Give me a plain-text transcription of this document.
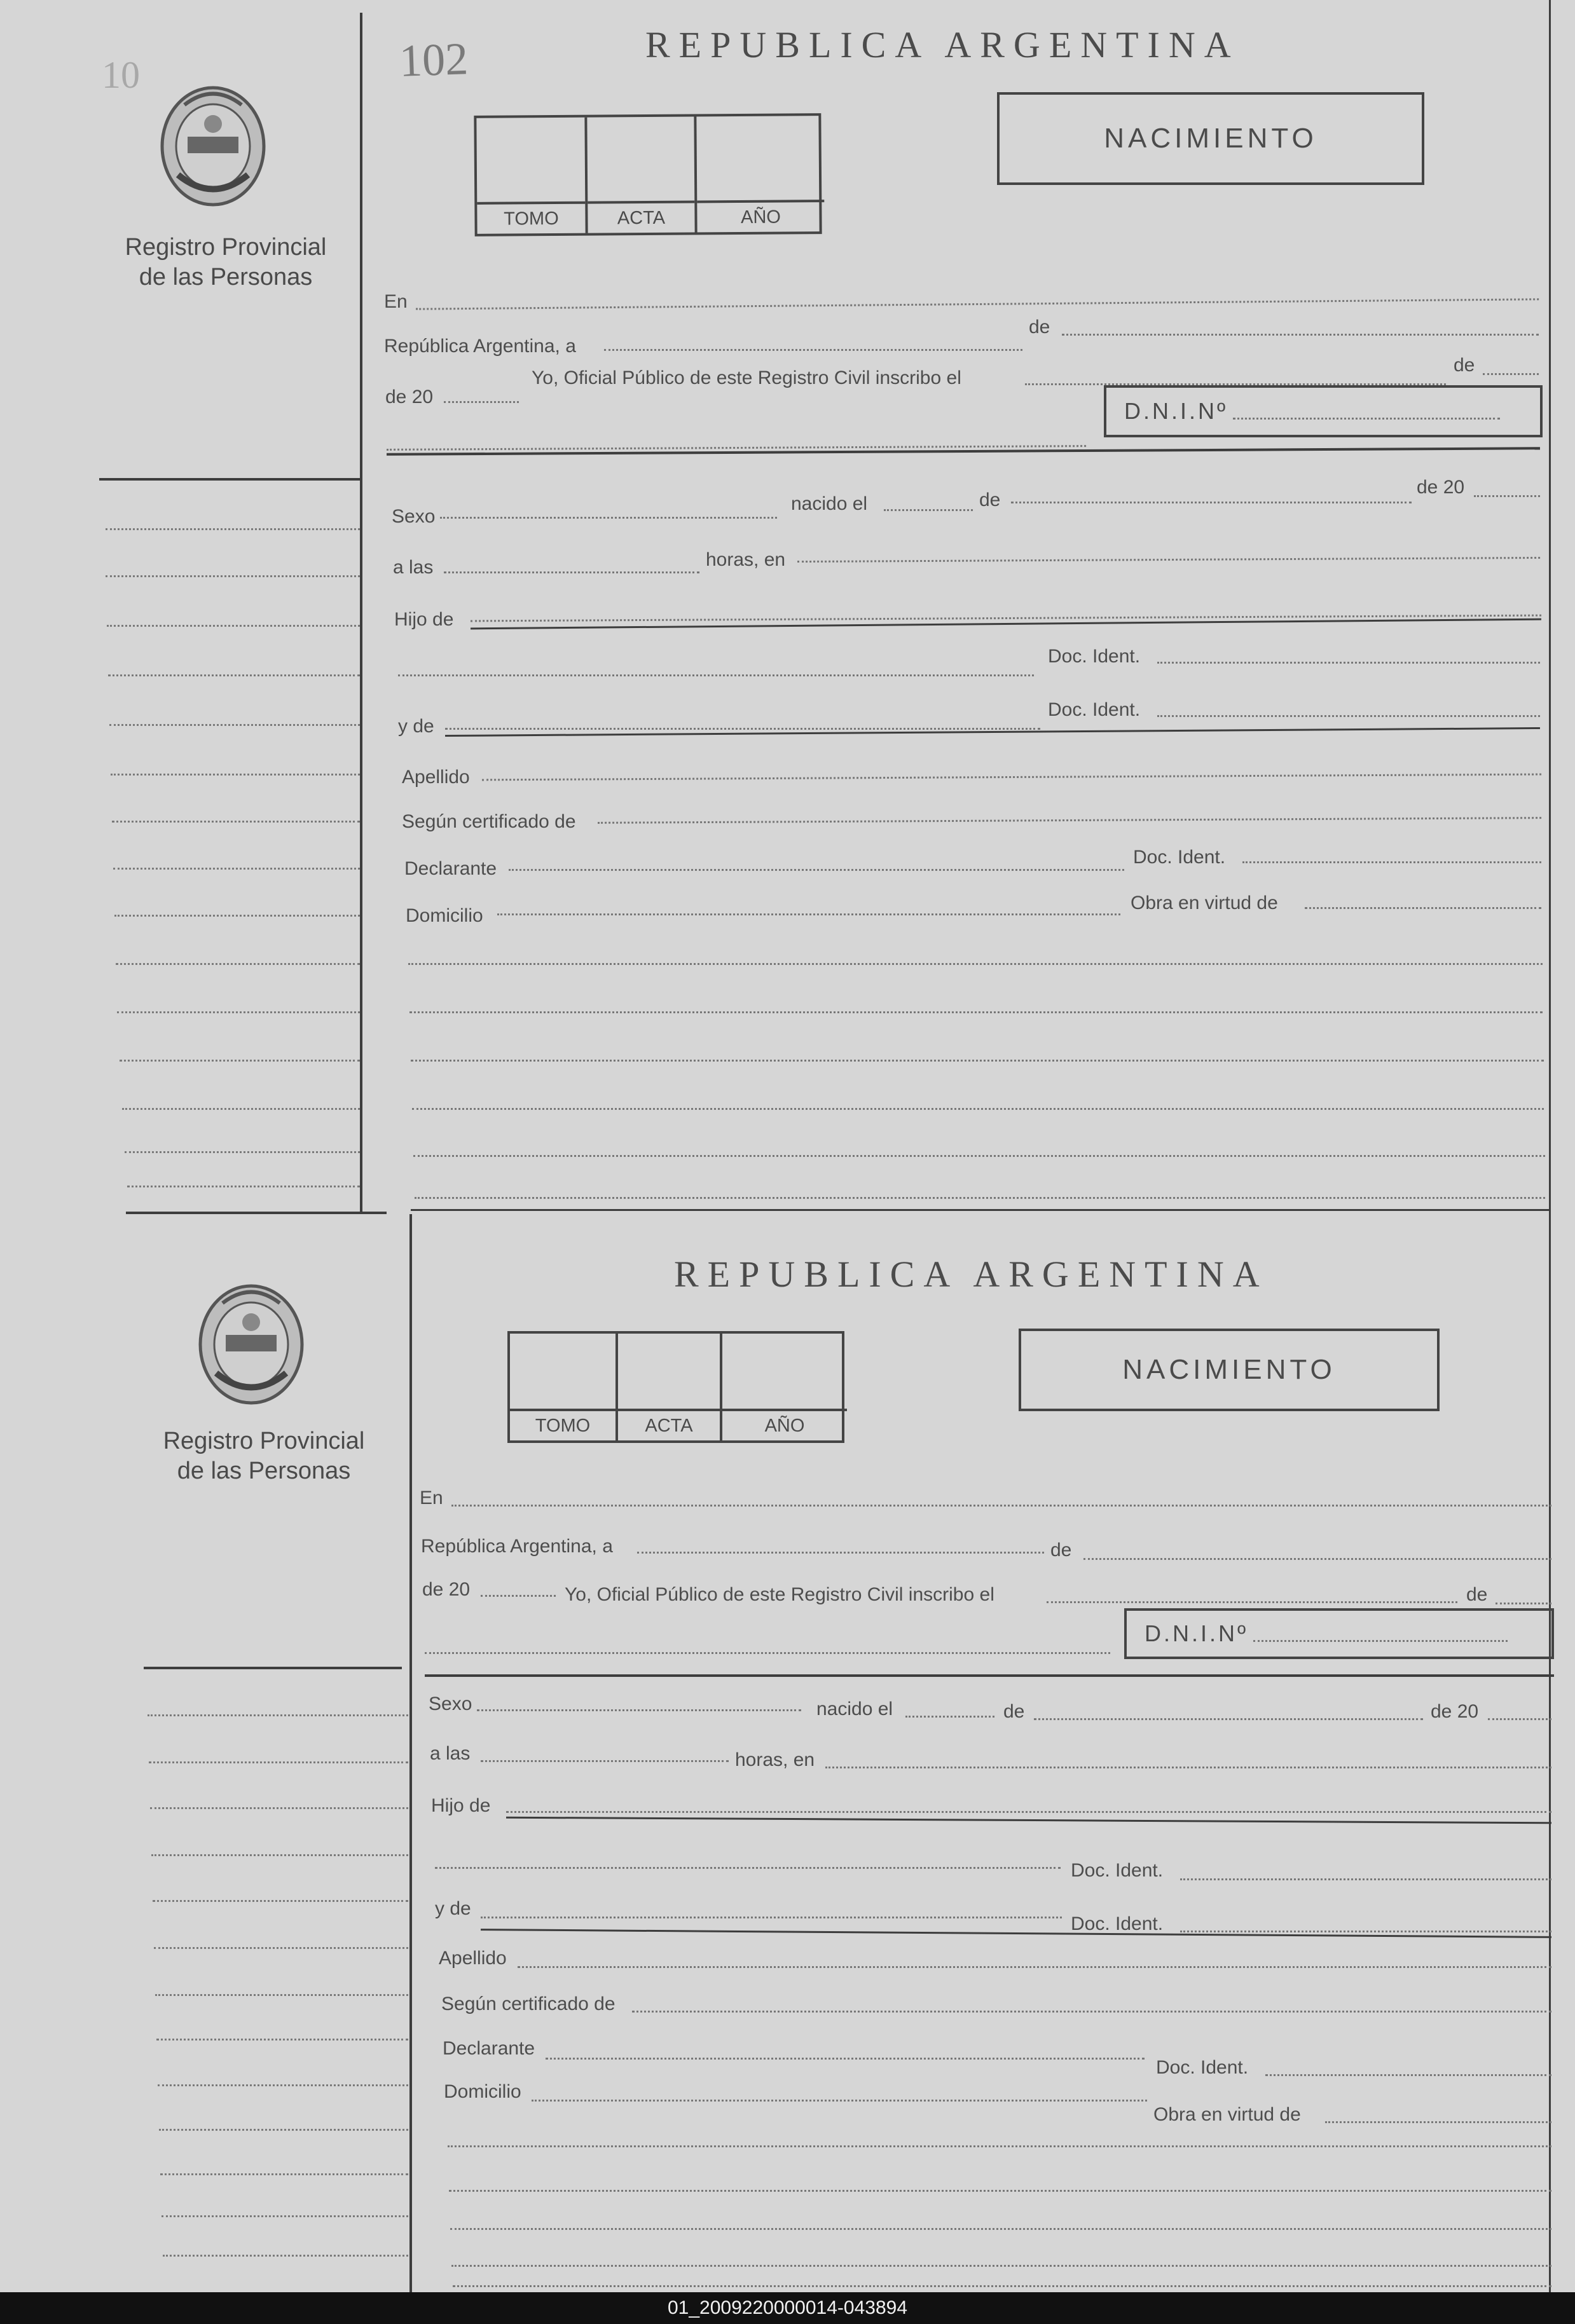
102
10
Registro Provincial
de las Personas
REPUBLICA ARGENTINA
NACIMIENTO
TOMO	ACTA	AÑO
En
República Argentina, a
de
de 20
Yo, Oficial Público de este Registro Civil inscribo el
de
D.N.I.Nº
Sexo
nacido el	de
de 20
a las	horas, en
Hijo de
Doc. Ident.
y de
Doc. Ident.
Apellido
Según certificado de
Declarante
Doc. Ident.
Domicilio
Obra en virtud de
Registro Provincial
de las Personas
REPUBLICA ARGENTINA
NACIMIENTO
TOMO	ACTA	AÑO
En
República Argentina, a	de
de 20	Yo, Oficial Público de este Registro Civil inscribo el	de
D.N.I.Nº
Sexo	nacido el	de	de 20
a las	horas, en
Hijo de
Doc. Ident.
y de
Doc. Ident.
Apellido
Según certificado de
Declarante
Doc. Ident.
Domicilio
Obra en virtud de
01_2009220000014-043894
